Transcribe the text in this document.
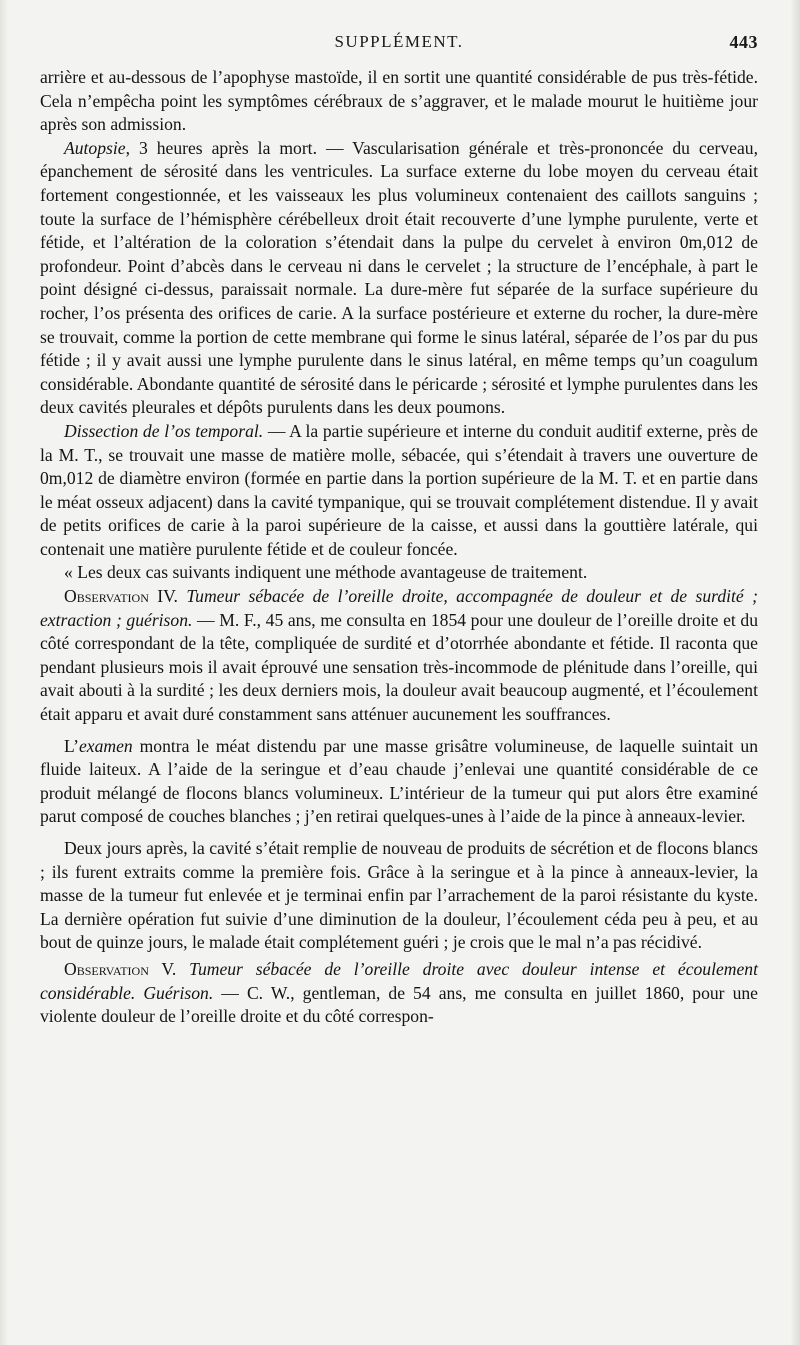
SUPPLÉMENT.	443

arrière et au-dessous de l’apophyse mastoïde, il en sortit une quantité considérable de pus très-fétide. Cela n’empêcha point les symptômes cérébraux de s’aggraver, et le malade mourut le huitième jour après son admission.

Autopsie, 3 heures après la mort. — Vascularisation générale et très-prononcée du cerveau, épanchement de sérosité dans les ventricules. La surface externe du lobe moyen du cerveau était fortement congestionnée, et les vaisseaux les plus volumineux contenaient des caillots sanguins ; toute la surface de l’hémisphère cérébelleux droit était recouverte d’une lymphe purulente, verte et fétide, et l’altération de la coloration s’étendait dans la pulpe du cervelet à environ 0m,012 de profondeur. Point d’abcès dans le cerveau ni dans le cervelet ; la structure de l’encéphale, à part le point désigné ci-dessus, paraissait normale. La dure-mère fut séparée de la surface supérieure du rocher, l’os présenta des orifices de carie. A la surface postérieure et externe du rocher, la dure-mère se trouvait, comme la portion de cette membrane qui forme le sinus latéral, séparée de l’os par du pus fétide ; il y avait aussi une lymphe purulente dans le sinus latéral, en même temps qu’un coagulum considérable. Abondante quantité de sérosité dans le péricarde ; sérosité et lymphe purulentes dans les deux cavités pleurales et dépôts purulents dans les deux poumons.

Dissection de l’os temporal. — A la partie supérieure et interne du conduit auditif externe, près de la M. T., se trouvait une masse de matière molle, sébacée, qui s’étendait à travers une ouverture de 0m,012 de diamètre environ (formée en partie dans la portion supérieure de la M. T. et en partie dans le méat osseux adjacent) dans la cavité tympanique, qui se trouvait complétement distendue. Il y avait de petits orifices de carie à la paroi supérieure de la caisse, et aussi dans la gouttière latérale, qui contenait une matière purulente fétide et de couleur foncée.

« Les deux cas suivants indiquent une méthode avantageuse de traitement.

Observation IV. Tumeur sébacée de l’oreille droite, accompagnée de douleur et de surdité ; extraction ; guérison. — M. F., 45 ans, me consulta en 1854 pour une douleur de l’oreille droite et du côté correspondant de la tête, compliquée de surdité et d’otorrhée abondante et fétide. Il raconta que pendant plusieurs mois il avait éprouvé une sensation très-incommode de plénitude dans l’oreille, qui avait abouti à la surdité ; les deux derniers mois, la douleur avait beaucoup augmenté, et l’écoulement était apparu et avait duré constamment sans atténuer aucunement les souffrances.

L’examen montra le méat distendu par une masse grisâtre volumineuse, de laquelle suintait un fluide laiteux. A l’aide de la seringue et d’eau chaude j’enlevai une quantité considérable de ce produit mélangé de flocons blancs volumineux. L’intérieur de la tumeur qui put alors être examiné parut composé de couches blanches ; j’en retirai quelques-unes à l’aide de la pince à anneaux-levier.

Deux jours après, la cavité s’était remplie de nouveau de produits de sécrétion et de flocons blancs ; ils furent extraits comme la première fois. Grâce à la seringue et à la pince à anneaux-levier, la masse de la tumeur fut enlevée et je terminai enfin par l’arrachement de la paroi résistante du kyste. La dernière opération fut suivie d’une diminution de la douleur, l’écoulement céda peu à peu, et au bout de quinze jours, le malade était complétement guéri ; je crois que le mal n’a pas récidivé.

Observation V. Tumeur sébacée de l’oreille droite avec douleur intense et écoulement considérable. Guérison. — C. W., gentleman, de 54 ans, me consulta en juillet 1860, pour une violente douleur de l’oreille droite et du côté correspon-
